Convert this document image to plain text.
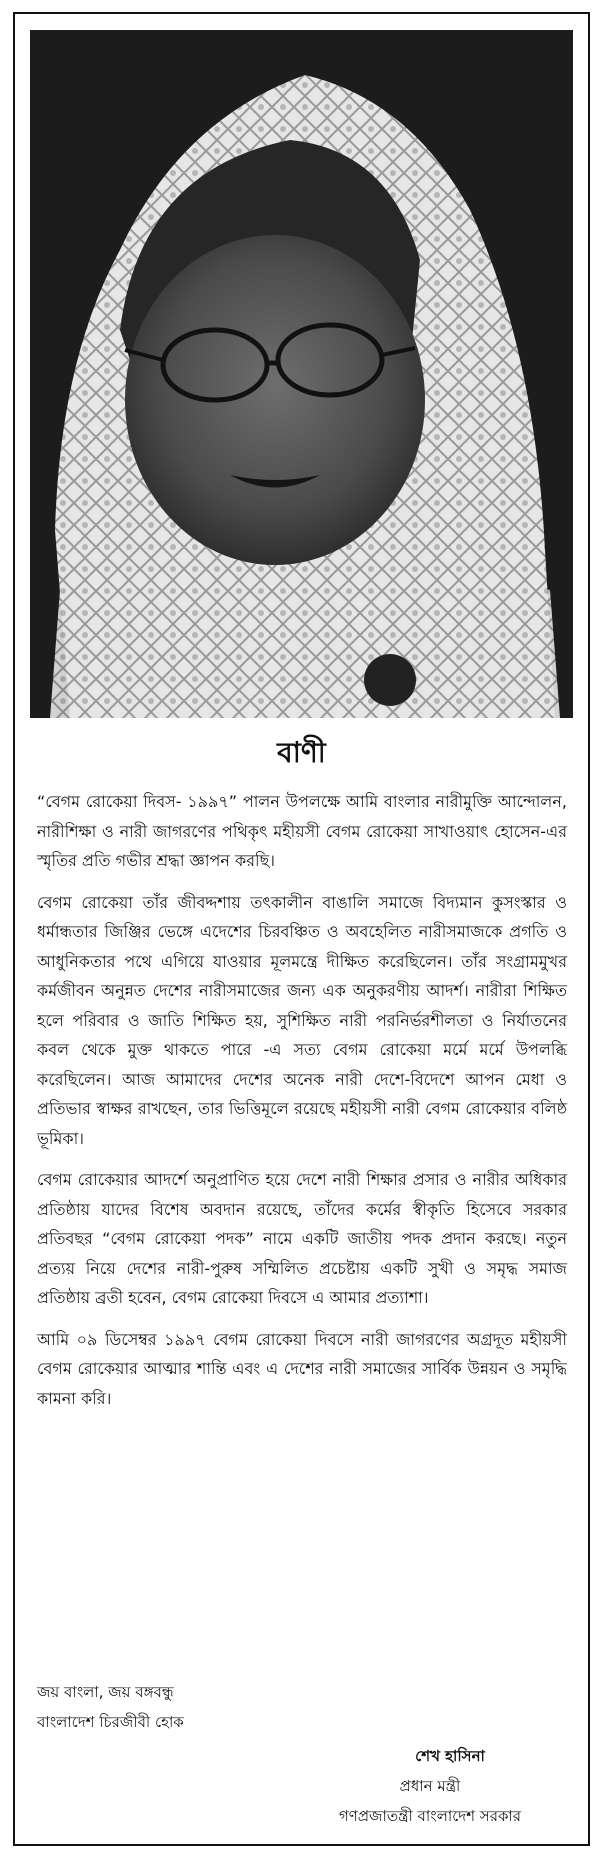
বাণী

“বেগম রোকেয়া দিবস- ১৯৯৭” পালন উপলক্ষে আমি বাংলার নারীমুক্তি আন্দোলন, নারীশিক্ষা ও নারী জাগরণের পথিকৃৎ মহীয়সী বেগম রোকেয়া সাখাওয়াৎ হোসেন-এর স্মৃতির প্রতি গভীর শ্রদ্ধা জ্ঞাপন করছি।

বেগম রোকেয়া তাঁর জীবদ্দশায় তৎকালীন বাঙালি সমাজে বিদ্যমান কুসংস্কার ও ধর্মান্ধতার জিঞ্জির ভেঙ্গে এদেশের চিরবঞ্চিত ও অবহেলিত নারীসমাজকে প্রগতি ও আধুনিকতার পথে এগিয়ে যাওয়ার মূলমন্ত্রে দীক্ষিত করেছিলেন। তাঁর সংগ্রামমুখর কর্মজীবন অনুন্নত দেশের নারীসমাজের জন্য এক অনুকরণীয় আদর্শ। নারীরা শিক্ষিত হলে পরিবার ও জাতি শিক্ষিত হয়, সুশিক্ষিত নারী পরনির্ভরশীলতা ও নির্যাতনের কবল থেকে মুক্ত থাকতে পারে -এ সত্য বেগম রোকেয়া মর্মে মর্মে উপলব্ধি করেছিলেন। আজ আমাদের দেশের অনেক নারী দেশে-বিদেশে আপন মেধা ও প্রতিভার স্বাক্ষর রাখছেন, তার ভিত্তিমূলে রয়েছে মহীয়সী নারী বেগম রোকেয়ার বলিষ্ঠ ভূমিকা।

বেগম রোকেয়ার আদর্শে অনুপ্রাণিত হয়ে দেশে নারী শিক্ষার প্রসার ও নারীর অধিকার প্রতিষ্ঠায় যাদের বিশেষ অবদান রয়েছে, তাঁদের কর্মের স্বীকৃতি হিসেবে সরকার প্রতিবছর “বেগম রোকেয়া পদক” নামে একটি জাতীয় পদক প্রদান করছে। নতুন প্রত্যয় নিয়ে দেশের নারী-পুরুষ সম্মিলিত প্রচেষ্টায় একটি সুখী ও সমৃদ্ধ সমাজ প্রতিষ্ঠায় ব্রতী হবেন, বেগম রোকেয়া দিবসে এ আমার প্রত্যাশা।

আমি ০৯ ডিসেম্বর ১৯৯৭ বেগম রোকেয়া দিবসে নারী জাগরণের অগ্রদূত মহীয়সী বেগম রোকেয়ার আত্মার শান্তি এবং এ দেশের নারী সমাজের সার্বিক উন্নয়ন ও সমৃদ্ধি কামনা করি।

জয় বাংলা, জয় বঙ্গবন্ধু
বাংলাদেশ চিরজীবী হোক
শেখ হাসিনা
প্রধান মন্ত্রী
গণপ্রজাতন্ত্রী বাংলাদেশ সরকার
